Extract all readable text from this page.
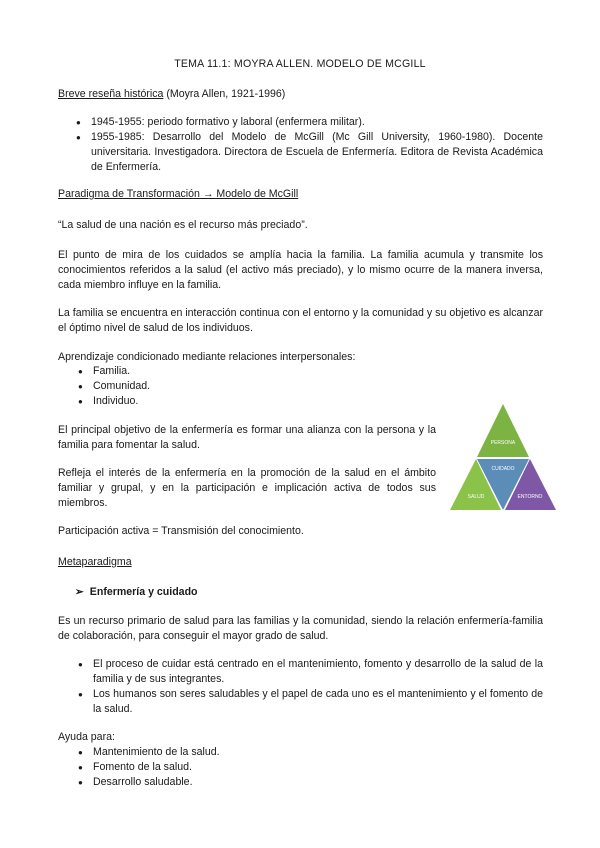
TEMA 11.1: MOYRA ALLEN. MODELO DE MCGILL
Breve reseña histórica (Moyra Allen, 1921-1996)
● 1945-1955: periodo formativo y laboral (enfermera militar).
● 1955-1985: Desarrollo del Modelo de McGill (Mc Gill University, 1960-1980). Docente universitaria. Investigadora. Directora de Escuela de Enfermería. Editora de Revista Académica de Enfermería.
Paradigma de Transformación → Modelo de McGill
“La salud de una nación es el recurso más preciado”.
El punto de mira de los cuidados se amplía hacia la familia. La familia acumula y transmite los conocimientos referidos a la salud (el activo más preciado), y lo mismo ocurre de la manera inversa, cada miembro influye en la familia.
La familia se encuentra en interacción continua con el entorno y la comunidad y su objetivo es alcanzar el óptimo nivel de salud de los individuos.
Aprendizaje condicionado mediante relaciones interpersonales:
● Familia.
● Comunidad.
● Individuo.
El principal objetivo de la enfermería es formar una alianza con la persona y la familia para fomentar la salud.
Refleja el interés de la enfermería en la promoción de la salud en el ámbito familiar y grupal, y en la participación e implicación activa de todos sus miembros.
Participación activa = Transmisión del conocimiento.
PERSONA
CUIDADO
SALUD	ENTORNO
Metaparadigma
➢ Enfermería y cuidado
Es un recurso primario de salud para las familias y la comunidad, siendo la relación enfermería-familia de colaboración, para conseguir el mayor grado de salud.
● El proceso de cuidar está centrado en el mantenimiento, fomento y desarrollo de la salud de la familia y de sus integrantes.
● Los humanos son seres saludables y el papel de cada uno es el mantenimiento y el fomento de la salud.
Ayuda para:
● Mantenimiento de la salud.
● Fomento de la salud.
● Desarrollo saludable.
